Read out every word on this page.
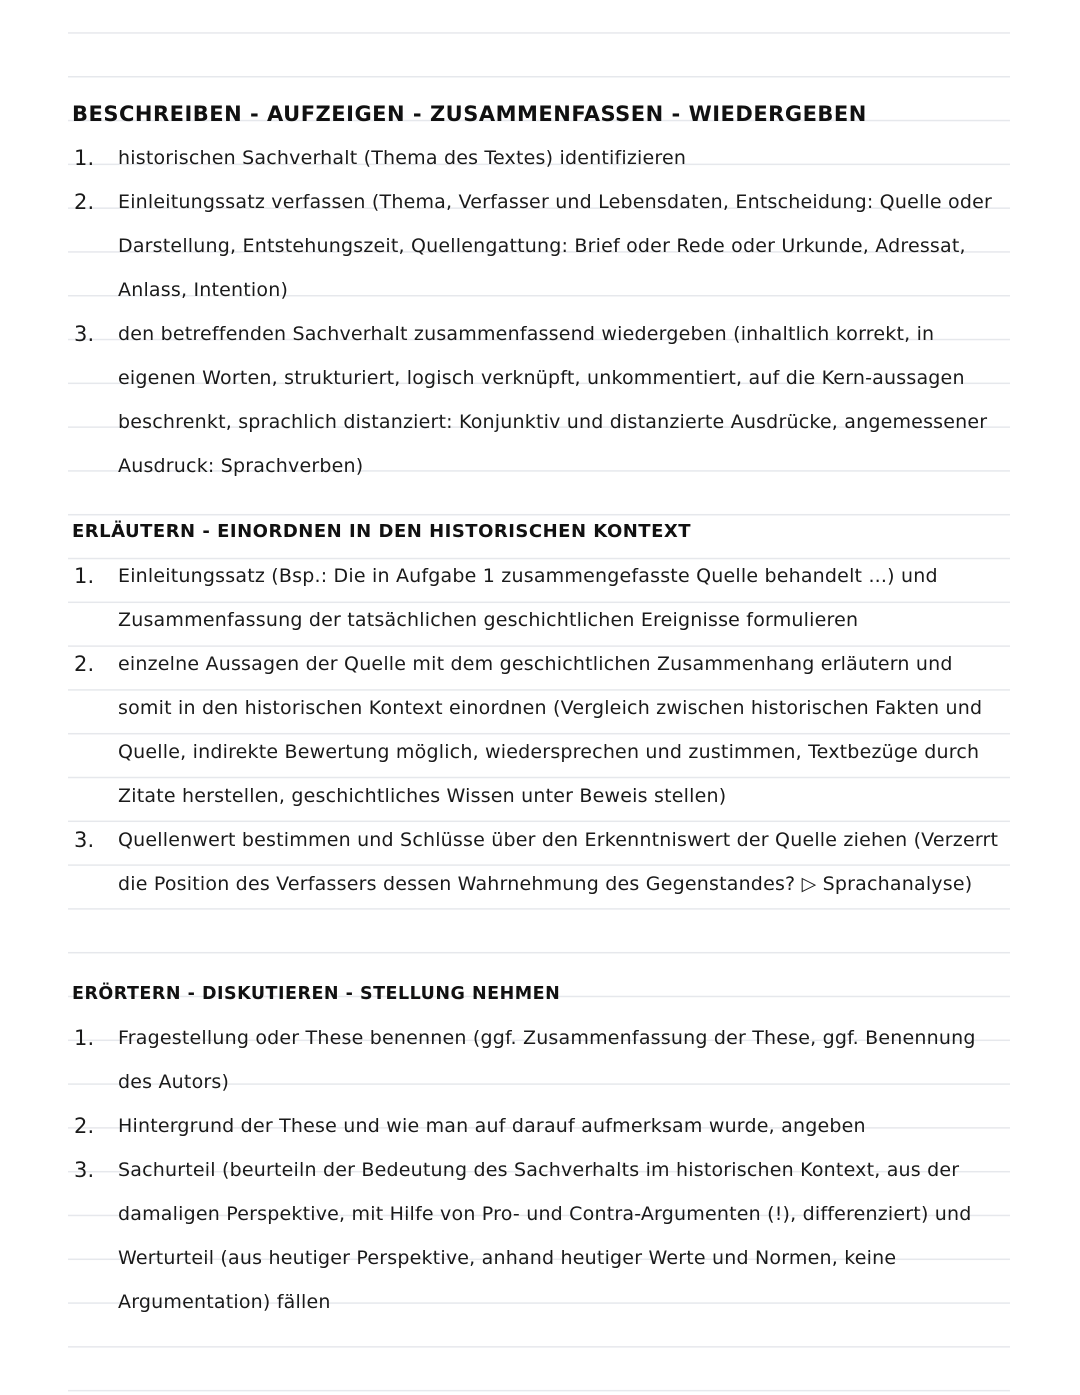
BESCHREIBEN - AUFZEIGEN - ZUSAMMENFASSEN - WIEDERGEBEN
1. historischen Sachverhalt (Thema des Textes) identifizieren
2. Einleitungssatz verfassen (Thema, Verfasser und Lebensdaten, Entscheidung: Quelle oder Darstellung, Entstehungszeit, Quellengattung: Brief oder Rede oder Urkunde, Adressat, Anlass, Intention)
3. den betreffenden Sachverhalt zusammenfassend wiedergeben (inhaltlich korrekt, in eigenen Worten, strukturiert, logisch verknüpft, unkommentiert, auf die Kern-aussagen beschrenkt, sprachlich distanziert: Konjunktiv und distanzierte Ausdrücke, angemessener Ausdruck: Sprachverben)
ERLÄUTERN - EINORDNEN IN DEN HISTORISCHEN KONTEXT
1. Einleitungssatz (Bsp.: Die in Aufgabe 1 zusammengefasste Quelle behandelt ...) und Zusammenfassung der tatsächlichen geschichtlichen Ereignisse formulieren
2. einzelne Aussagen der Quelle mit dem geschichtlichen Zusammenhang erläutern und somit in den historischen Kontext einordnen (Vergleich zwischen historischen Fakten und Quelle, indirekte Bewertung möglich, wiedersprechen und zustimmen, Textbezüge durch Zitate herstellen, geschichtliches Wissen unter Beweis stellen)
3. Quellenwert bestimmen und Schlüsse über den Erkenntniswert der Quelle ziehen (Verzerrt die Position des Verfassers dessen Wahrnehmung des Gegenstandes? ▷ Sprachanalyse)
ERÖRTERN - DISKUTIEREN - STELLUNG NEHMEN
1. Fragestellung oder These benennen (ggf. Zusammenfassung der These, ggf. Benennung des Autors)
2. Hintergrund der These und wie man auf darauf aufmerksam wurde, angeben
3. Sachurteil (beurteiln der Bedeutung des Sachverhalts im historischen Kontext, aus der damaligen Perspektive, mit Hilfe von Pro- und Contra-Argumenten (!), differenziert) und Werturteil (aus heutiger Perspektive, anhand heutiger Werte und Normen, keine Argumentation) fällen
